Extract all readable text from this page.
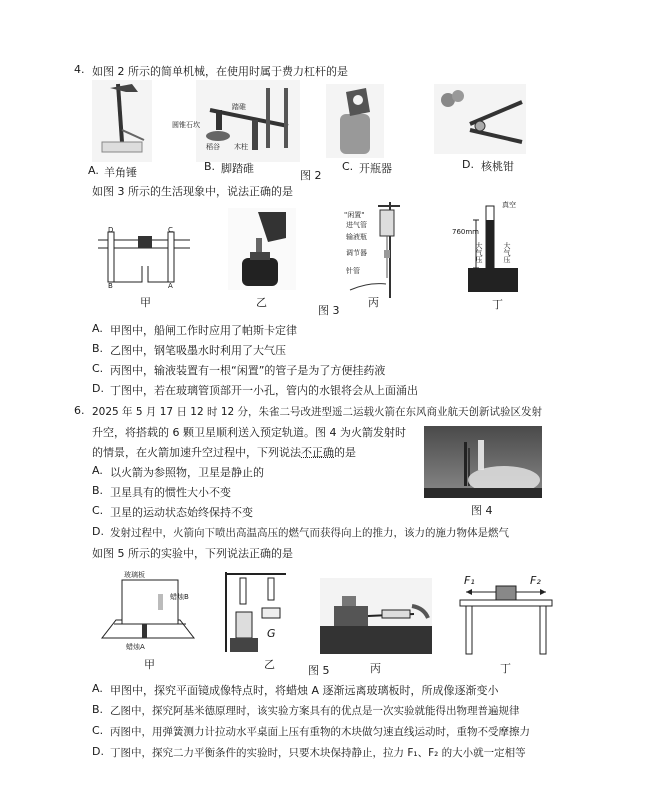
4. 如图 2 所示的简单机械，在使用时属于费力杠杆的是
A. 羊角锤
踏碓
圆锥石坎
稻谷 木柱
B. 脚踏碓
图 2
C. 开瓶器	D. 核桃钳
如图 3 所示的生活现象中，说法正确的是
D	C
B	A
甲	乙
图 3
"闲置"
进气管
输液瓶
调节器
针管
丙
真空
760mm
大气压	大气压
丁
A. 甲图中，船闸工作时应用了帕斯卡定律
B. 乙图中，钢笔吸墨水时利用了大气压
C. 丙图中，输液装置有一根“闲置”的管子是为了方便挂药液
D. 丁图中，若在玻璃管顶部开一小孔，管内的水银将会从上面涌出
6. 2025 年 5 月 17 日 12 时 12 分，朱雀二号改进型遥二运载火箭在东风商业航天创新试验区发射
升空，将搭载的 6 颗卫星顺利送入预定轨道。图 4 为火箭发射时
的情景，在火箭加速升空过程中，下列说法不正确的是
图 4
A. 以火箭为参照物，卫星是静止的
B. 卫星具有的惯性大小不变
C. 卫星的运动状态始终保持不变
D. 发射过程中，火箭向下喷出高温高压的燃气而获得向上的推力，该力的施力物体是燃气
如图 5 所示的实验中，下列说法正确的是
玻璃板
蜡烛B
蜡烛A
甲
G
乙	丙
图 5
F₁	F₂
丁
A. 甲图中，探究平面镜成像特点时，将蜡烛 A 逐渐远离玻璃板时，所成像逐渐变小
B. 乙图中，探究阿基米德原理时，该实验方案具有的优点是一次实验就能得出物理普遍规律
C. 丙图中，用弹簧测力计拉动水平桌面上压有重物的木块做匀速直线运动时，重物不受摩擦力
D. 丁图中，探究二力平衡条件的实验时，只要木块保持静止，拉力 F₁、F₂ 的大小就一定相等
